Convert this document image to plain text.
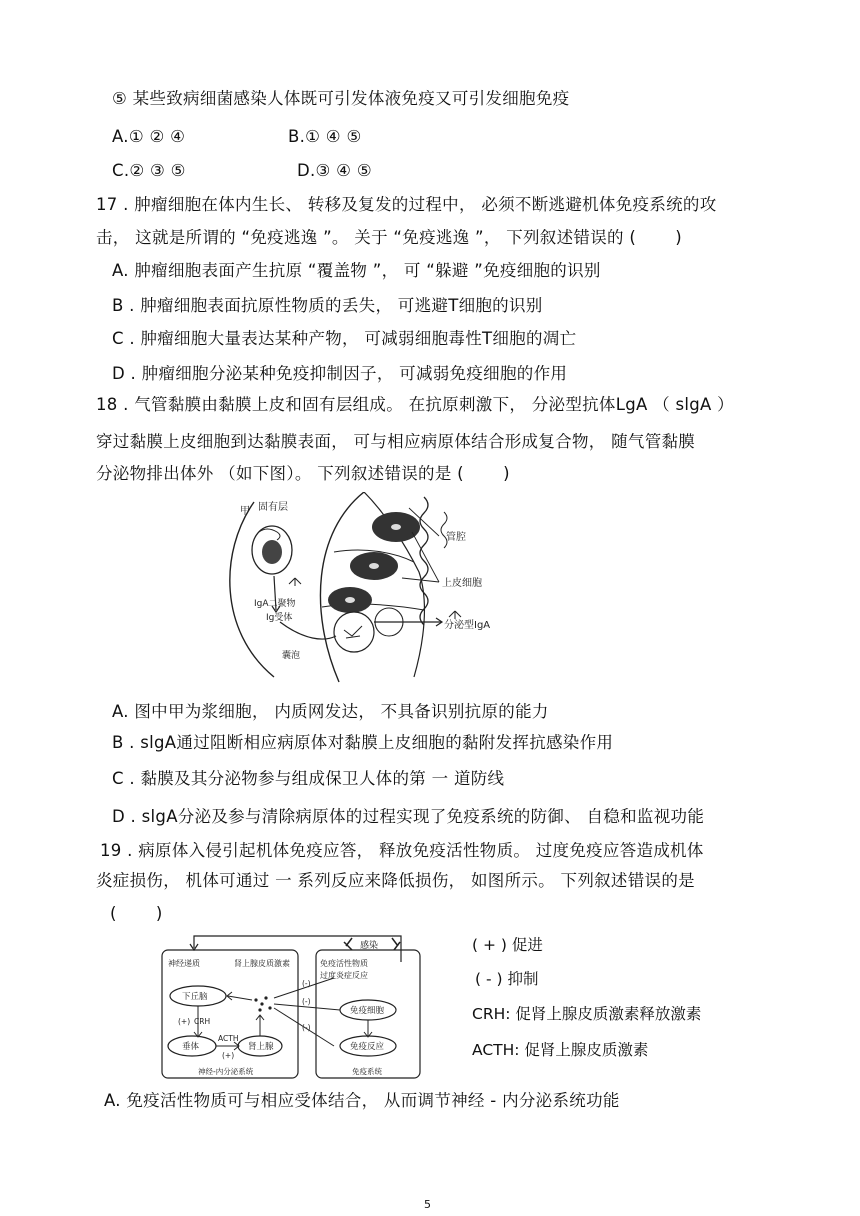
⑤ 某些致病细菌感染人体既可引发体液免疫又可引发细胞免疫
A.① ② ④	B.① ④ ⑤
C.② ③ ⑤	D.③ ④ ⑤
17 . 肿瘤细胞在体内生长、 转移及复发的过程中， 必须不断逃避机体免疫系统的攻
击， 这就是所谓的 “免疫逃逸 ”。 关于 “免疫逃逸 ”， 下列叙述错误的 (　　 )
A. 肿瘤细胞表面产生抗原 “覆盖物 ”， 可 “躲避 ”免疫细胞的识别
B . 肿瘤细胞表面抗原性物质的丢失， 可逃避T细胞的识别
C . 肿瘤细胞大量表达某种产物， 可减弱细胞毒性T细胞的凋亡
D . 肿瘤细胞分泌某种免疫抑制因子， 可减弱免疫细胞的作用
18 . 气管黏膜由黏膜上皮和固有层组成。 在抗原刺激下， 分泌型抗体LgA （ slgA ）
穿过黏膜上皮细胞到达黏膜表面， 可与相应病原体结合形成复合物， 随气管黏膜
分泌物排出体外 （如下图）。 下列叙述错误的是 (　　 )
甲 固有层
IgA二聚物
Ig受体
囊泡
管腔
上皮细胞
分泌型IgA
A. 图中甲为浆细胞， 内质网发达， 不具备识别抗原的能力
B . slgA通过阻断相应病原体对黏膜上皮细胞的黏附发挥抗感染作用
C . 黏膜及其分泌物参与组成保卫人体的第 一 道防线
D . slgA分泌及参与清除病原体的过程实现了免疫系统的防御、 自稳和监视功能
19 . 病原体入侵引起机体免疫应答， 释放免疫活性物质。 过度免疫应答造成机体
炎症损伤， 机体可通过 一 系列反应来降低损伤， 如图所示。 下列叙述错误的是
(　　 )
感染
神经递质	肾上腺皮质激素
下丘脑
(+) CRH
垂体	肾上腺
ACTH
(+)
(-)
(-)
(-)
免疫活性物质
过度炎症反应
免疫细胞
免疫反应
神经-内分泌系统	免疫系统
( + ) 促进
( - ) 抑制
CRH: 促肾上腺皮质激素释放激素
ACTH: 促肾上腺皮质激素
A. 免疫活性物质可与相应受体结合， 从而调节神经 - 内分泌系统功能
5
